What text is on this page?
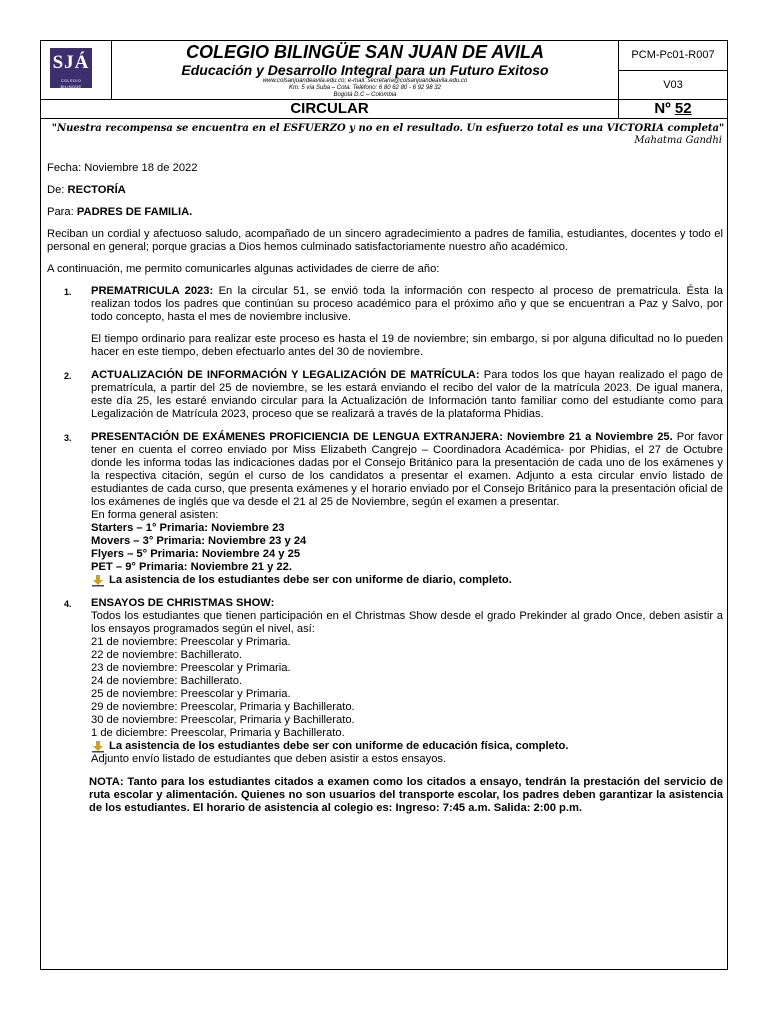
SJÁ
COLEGIO BILINGÜE
COLEGIO BILINGÜE SAN JUAN DE AVILA
Educación y Desarrollo Integral para un Futuro Exitoso
www.colsanjuandeavila.edu.co; e-mail: secretaria@colsanjuandeavila.edu.co
Km. 5 vía Suba – Cota. Teléfono: 6 80 62 80 - 6 92 98 32
Bogotá D.C – Colombia
PCM-Pc01-R007
V03
CIRCULAR	Nº 52
"Nuestra recompensa se encuentra en el ESFUERZO y no en el resultado. Un esfuerzo total es una VICTORIA completa"
Mahatma Gandhi

Fecha: Noviembre 18 de 2022

De: RECTORÍA

Para: PADRES DE FAMILIA.

Reciban un cordial y afectuoso saludo, acompañado de un sincero agradecimiento a padres de familia, estudiantes, docentes y todo el personal en general; porque gracias a Dios hemos culminado satisfactoriamente nuestro año académico.

A continuación, me permito comunicarles algunas actividades de cierre de año:

1. PREMATRICULA 2023: En la circular 51, se envió toda la información con respecto al proceso de prematricula. Ésta la realizan todos los padres que continúan su proceso académico para el próximo año y que se encuentran a Paz y Salvo, por todo concepto, hasta el mes de noviembre inclusive.

El tiempo ordinario para realizar este proceso es hasta el 19 de noviembre; sin embargo, si por alguna dificultad no lo pueden hacer en este tiempo, deben efectuarlo antes del 30 de noviembre.

2. ACTUALIZACIÓN DE INFORMACIÓN Y LEGALIZACIÓN DE MATRÍCULA: Para todos los que hayan realizado el pago de prematrícula, a partir del 25 de noviembre, se les estará enviando el recibo del valor de la matrícula 2023. De igual manera, este día 25, les estaré enviando circular para la Actualización de Información tanto familiar como del estudiante como para Legalización de Matrícula 2023, proceso que se realizará a través de la plataforma Phidias.

3. PRESENTACIÓN DE EXÁMENES PROFICIENCIA DE LENGUA EXTRANJERA: Noviembre 21 a Noviembre 25. Por favor tener en cuenta el correo enviado por Miss Elizabeth Cangrejo – Coordinadora Académica- por Phidias, el 27 de Octubre donde les informa todas las indicaciones dadas por el Consejo Británico para la presentación de cada uno de los exámenes y la respectiva citación, según el curso de los candidatos a presentar el examen. Adjunto a esta circular envío listado de estudiantes de cada curso, que presenta exámenes y el horario enviado por el Consejo Británico para la presentación oficial de los exámenes de inglés que va desde el 21 al 25 de Noviembre, según el examen a presentar.

En forma general asisten:

Starters – 1° Primaria: Noviembre 23

Movers – 3° Primaria: Noviembre 23 y 24

Flyers – 5° Primaria: Noviembre 24 y 25

PET – 9° Primaria: Noviembre 21 y 22.

La asistencia de los estudiantes debe ser con uniforme de diario, completo.
4. ENSAYOS DE CHRISTMAS SHOW:

Todos los estudiantes que tienen participación en el Christmas Show desde el grado Prekinder al grado Once, deben asistir a los ensayos programados según el nivel, así:

21 de noviembre: Preescolar y Primaria.

22 de noviembre: Bachillerato.

23 de noviembre: Preescolar y Primaria.

24 de noviembre: Bachillerato.

25 de noviembre: Preescolar y Primaria.

29 de noviembre: Preescolar, Primaria y Bachillerato.

30 de noviembre: Preescolar, Primaria y Bachillerato.

1 de diciembre: Preescolar, Primaria y Bachillerato.

La asistencia de los estudiantes debe ser con uniforme de educación física, completo.

Adjunto envío listado de estudiantes que deben asistir a estos ensayos.

NOTA: Tanto para los estudiantes citados a examen como los citados a ensayo, tendrán la prestación del servicio de ruta escolar y alimentación. Quienes no son usuarios del transporte escolar, los padres deben garantizar la asistencia de los estudiantes. El horario de asistencia al colegio es: Ingreso: 7:45 a.m. Salida: 2:00 p.m.
